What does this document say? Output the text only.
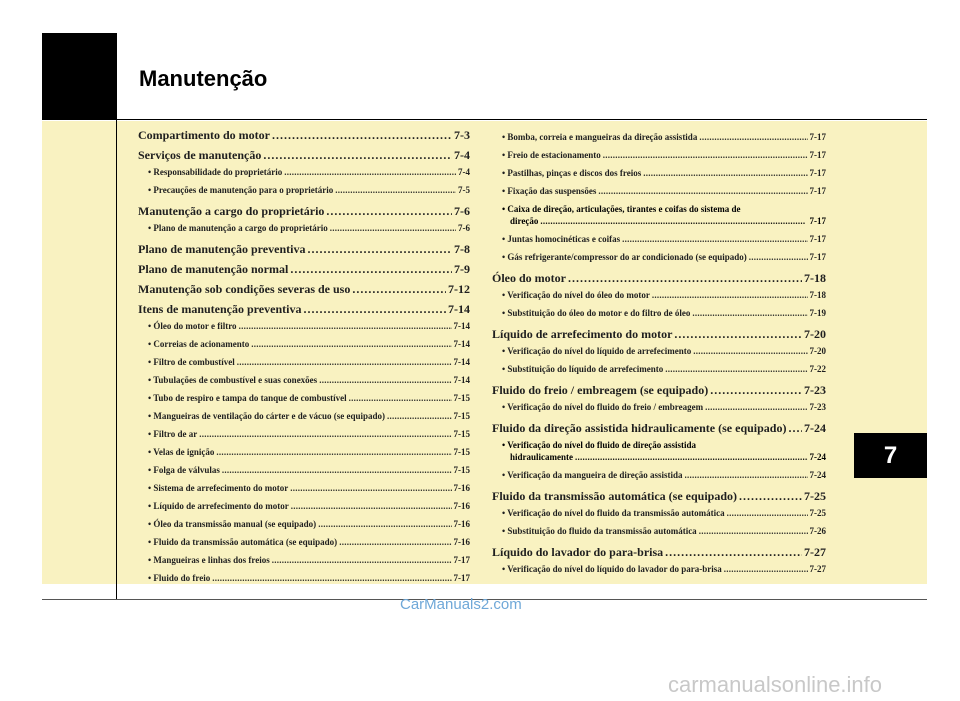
Manutenção
Compartimento do motor . . .	7-3
Serviços de manutenção . . .	7-4
• Responsabilidade do proprietário . . .	7-4
• Precauções de manutenção para o proprietário . . .	7-5
Manutenção a cargo do proprietário . . .	7-6
• Plano de manutenção a cargo do proprietário . . .	7-6
Plano de manutenção preventiva . . .	7-8
Plano de manutenção normal . . .	7-9
Manutenção sob condições severas de uso . . .	7-12
Itens de manutenção preventiva . . .	7-14
• Óleo do motor e filtro . . .	7-14
• Correias de acionamento . . .	7-14
• Filtro de combustível . . .	7-14
• Tubulações de combustível e suas conexões . . .	7-14
• Tubo de respiro e tampa do tanque de combustível . . .	7-15
• Mangueiras de ventilação do cárter e de vácuo (se equipado) . . .	7-15
• Filtro de ar . . .	7-15
• Velas de ignição . . .	7-15
• Folga de válvulas . . .	7-15
• Sistema de arrefecimento do motor . . .	7-16
• Líquido de arrefecimento do motor . . .	7-16
• Óleo da transmissão manual (se equipado) . . .	7-16
• Fluido da transmissão automática (se equipado) . . .	7-16
• Mangueiras e linhas dos freios . . .	7-17
• Fluido do freio . . .	7-17
• Bomba, correia e mangueiras da direção assistida . . .	7-17
• Freio de estacionamento . . .	7-17
• Pastilhas, pinças e discos dos freios . . .	7-17
• Fixação das suspensões . . .	7-17
• Caixa de direção, articulações, tirantes e coifas do sistema de
direção . . .	7-17
• Juntas homocinéticas e coifas . . .	7-17
• Gás refrigerante/compressor do ar condicionado (se equipado) . . .	7-17
Óleo do motor . . .	7-18
• Verificação do nível do óleo do motor . . .	7-18
• Substituição do óleo do motor e do filtro de óleo . . .	7-19
Líquido de arrefecimento do motor . . .	7-20
• Verificação do nível do líquido de arrefecimento . . .	7-20
• Substituição do líquido de arrefecimento . . .	7-22
Fluido do freio / embreagem (se equipado) . . .	7-23
• Verificação do nível do fluido do freio / embreagem . . .	7-23
Fluido da direção assistida hidraulicamente (se equipado) . . . 7-24
• Verificação do nível do fluido de direção assistida
hidraulicamente . . .	7-24
• Verificação da mangueira de direção assistida . . .	7-24
Fluido da transmissão automática (se equipado) . . .	7-25
• Verificação do nível do fluido da transmissão automática . . .	7-25
• Substituição do fluido da transmissão automática . . .	7-26
Líquido do lavador do para-brisa . . .	7-27
• Verificação do nível do líquido do lavador do para-brisa . . .	7-27
7
CarManuals2.com
carmanualsonline.info
